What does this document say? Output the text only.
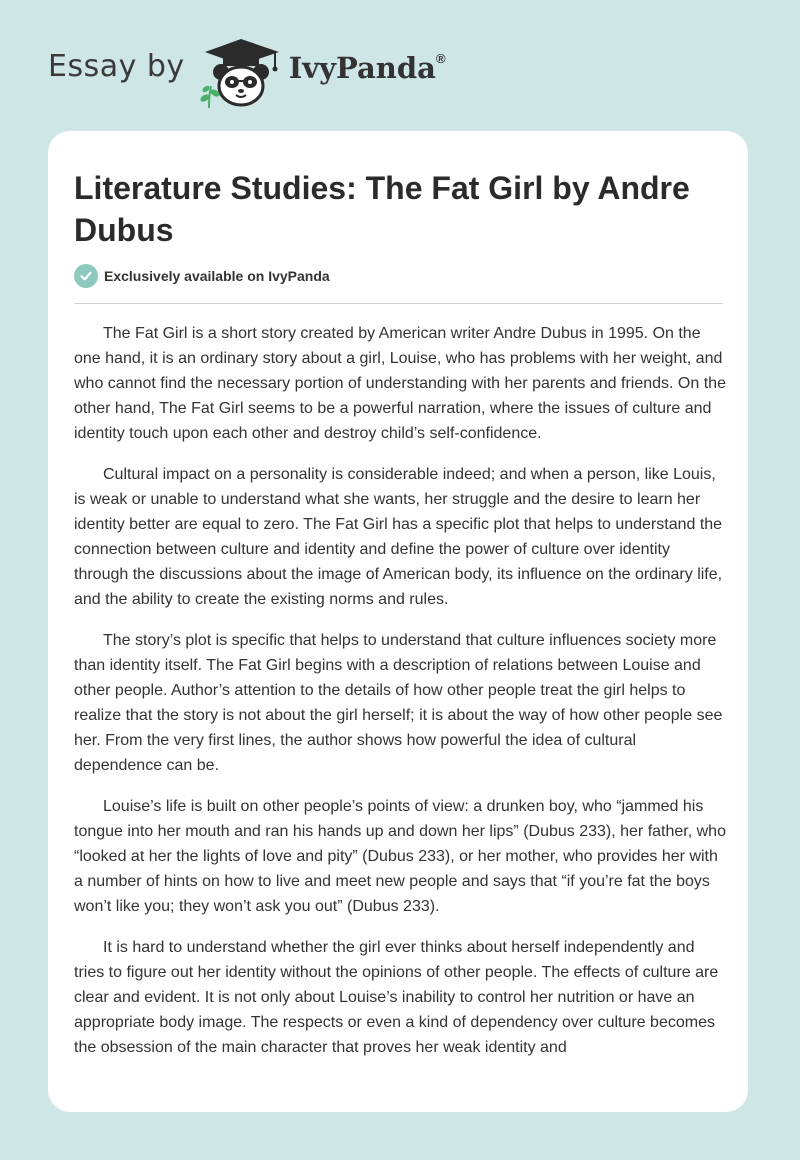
Essay by	IvyPanda®
Literature Studies: The Fat Girl by Andre Dubus
Exclusively available on IvyPanda

The Fat Girl is a short story created by American writer Andre Dubus in 1995. On the one hand, it is an ordinary story about a girl, Louise, who has problems with her weight, and who cannot find the necessary portion of understanding with her parents and friends. On the other hand, The Fat Girl seems to be a powerful narration, where the issues of culture and identity touch upon each other and destroy child’s self-confidence.

Cultural impact on a personality is considerable indeed; and when a person, like Louis, is weak or unable to understand what she wants, her struggle and the desire to learn her identity better are equal to zero. The Fat Girl has a specific plot that helps to understand the connection between culture and identity and define the power of culture over identity through the discussions about the image of American body, its influence on the ordinary life, and the ability to create the existing norms and rules.

The story’s plot is specific that helps to understand that culture influences society more than identity itself. The Fat Girl begins with a description of relations between Louise and other people. Author’s attention to the details of how other people treat the girl helps to realize that the story is not about the girl herself; it is about the way of how other people see her. From the very first lines, the author shows how powerful the idea of cultural dependence can be.

Louise’s life is built on other people’s points of view: a drunken boy, who “jammed his tongue into her mouth and ran his hands up and down her lips” (Dubus 233), her father, who “looked at her the lights of love and pity” (Dubus 233), or her mother, who provides her with a number of hints on how to live and meet new people and says that “if you’re fat the boys won’t like you; they won’t ask you out” (Dubus 233).

It is hard to understand whether the girl ever thinks about herself independently and tries to figure out her identity without the opinions of other people. The effects of culture are clear and evident. It is not only about Louise’s inability to control her nutrition or have an appropriate body image. The respects or even a kind of dependency over culture becomes the obsession of the main character that proves her weak identity and
